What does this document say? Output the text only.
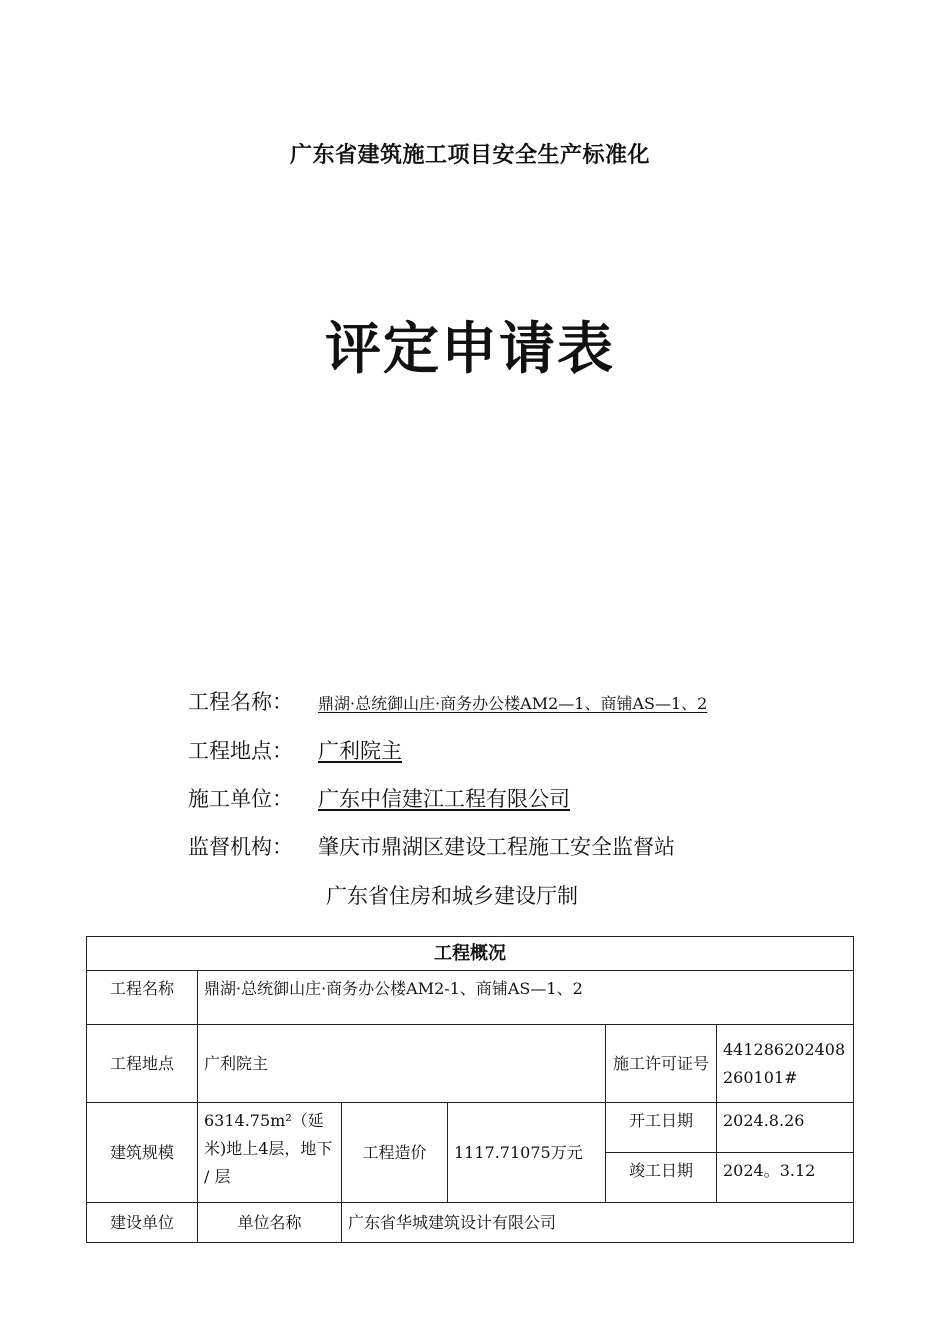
广东省建筑施工项目安全生产标准化
评定申请表
工程名称： 鼎湖·总统御山庄·商务办公楼AM2—1、商铺AS—1、2
工程地点： 广利院主
施工单位： 广东中信建江工程有限公司
监督机构： 肇庆市鼎湖区建设工程施工安全监督站
广东省住房和城乡建设厅制
工程概况					
工程名称	鼎湖·总统御山庄·商务办公楼AM2-1、商铺AS—1、2				
工程地点	广利院主			施工许可证号	441286202408260101#
建筑规模	6314.75m²（延米)地上4层，地下 / 层	工程造价	1117.71075万元	开工日期	2024.8.26
				竣工日期	2024。3.12
建设单位	单位名称	广东省华城建筑设计有限公司			
